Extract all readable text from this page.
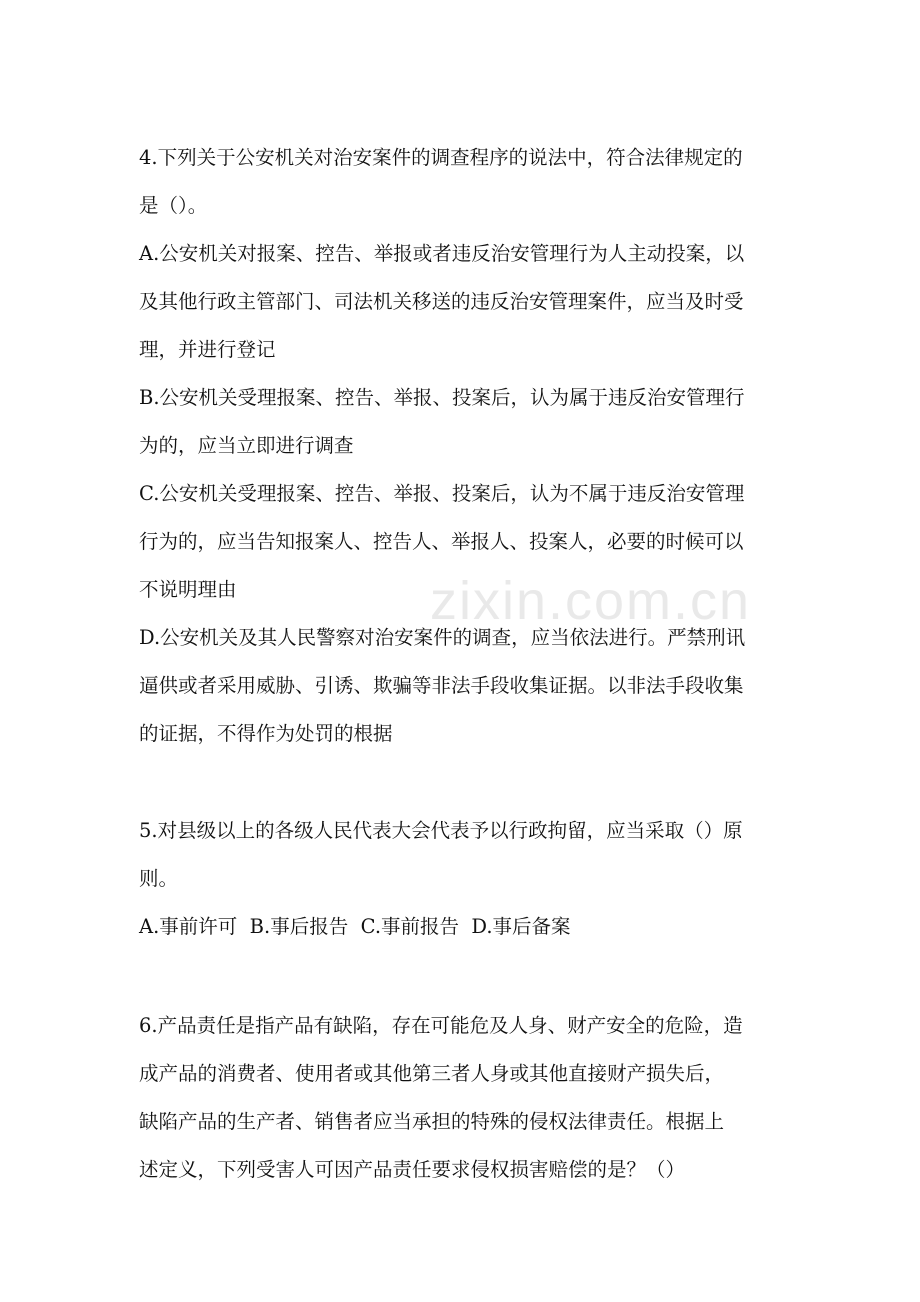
zixin.com.cn
4.下列关于公安机关对治安案件的调查程序的说法中，符合法律规定的
是（）。
A.公安机关对报案、控告、举报或者违反治安管理行为人主动投案，以
及其他行政主管部门、司法机关移送的违反治安管理案件，应当及时受
理，并进行登记
B.公安机关受理报案、控告、举报、投案后，认为属于违反治安管理行
为的，应当立即进行调查
C.公安机关受理报案、控告、举报、投案后，认为不属于违反治安管理
行为的，应当告知报案人、控告人、举报人、投案人，必要的时候可以
不说明理由
D.公安机关及其人民警察对治安案件的调查，应当依法进行。严禁刑讯
逼供或者采用威胁、引诱、欺骗等非法手段收集证据。以非法手段收集
的证据，不得作为处罚的根据
5.对县级以上的各级人民代表大会代表予以行政拘留，应当采取（）原
则。
A.事前许可  B.事后报告  C.事前报告  D.事后备案
6.产品责任是指产品有缺陷，存在可能危及人身、财产安全的危险，造
成产品的消费者、使用者或其他第三者人身或其他直接财产损失后，
缺陷产品的生产者、销售者应当承担的特殊的侵权法律责任。根据上
述定义，下列受害人可因产品责任要求侵权损害赔偿的是？（）
